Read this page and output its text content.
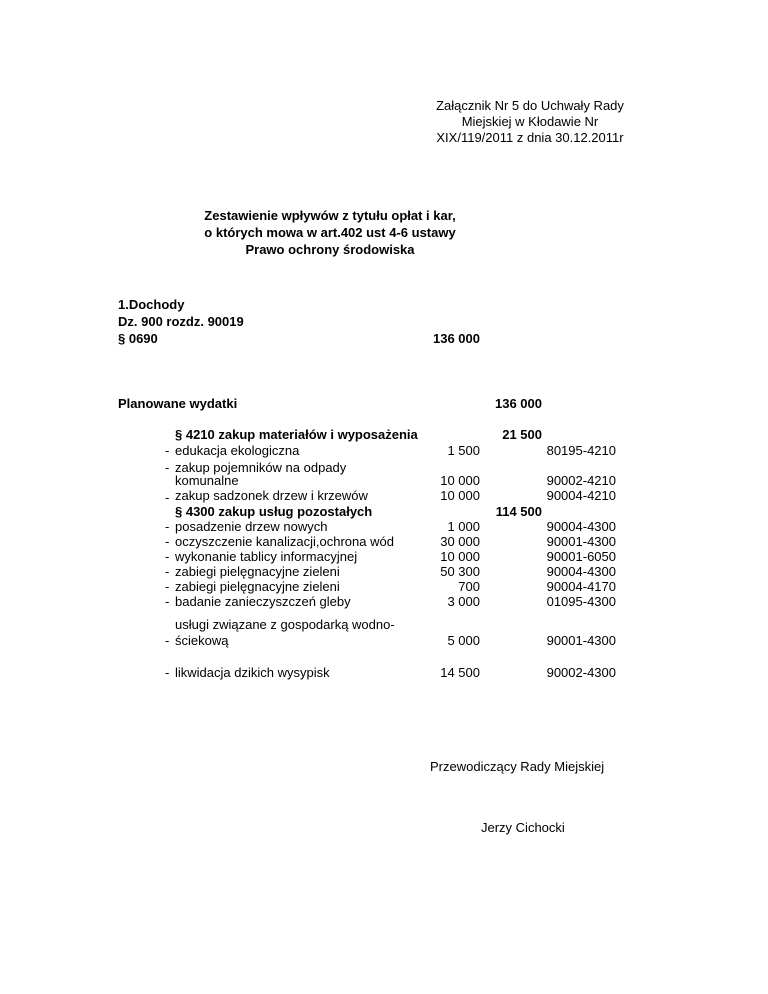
Załącznik Nr 5 do Uchwały Rady
Miejskiej w Kłodawie Nr
XIX/119/2011 z dnia 30.12.2011r
Zestawienie wpływów z tytułu opłat i kar,
o których mowa w art.402 ust 4-6 ustawy
Prawo ochrony środowiska
1.Dochody
Dz. 900 rozdz. 90019
§ 0690	136 000
Planowane wydatki	136 000
§ 4210 zakup materiałów i wyposażenia	21 500
- edukacja ekologiczna	1 500	80195-4210
- zakup pojemników na odpady
komunalne	10 000	90002-4210
- zakup sadzonek drzew i krzewów	10 000	90004-4210
§ 4300 zakup usług pozostałych	114 500
- posadzenie drzew nowych	1 000	90004-4300
- oczyszczenie kanalizacji,ochrona wód	30 000	90001-4300
- wykonanie tablicy informacyjnej	10 000	90001-6050
- zabiegi pielęgnacyjne zieleni	50 300	90004-4300
- zabiegi pielęgnacyjne zieleni	700	90004-4170
- badanie zanieczyszczeń gleby	3 000	01095-4300
usługi związane z gospodarką wodno-
- ściekową	5 000	90001-4300
- likwidacja dzikich wysypisk	14 500	90002-4300
Przewodiczący Rady Miejskiej
Jerzy Cichocki
